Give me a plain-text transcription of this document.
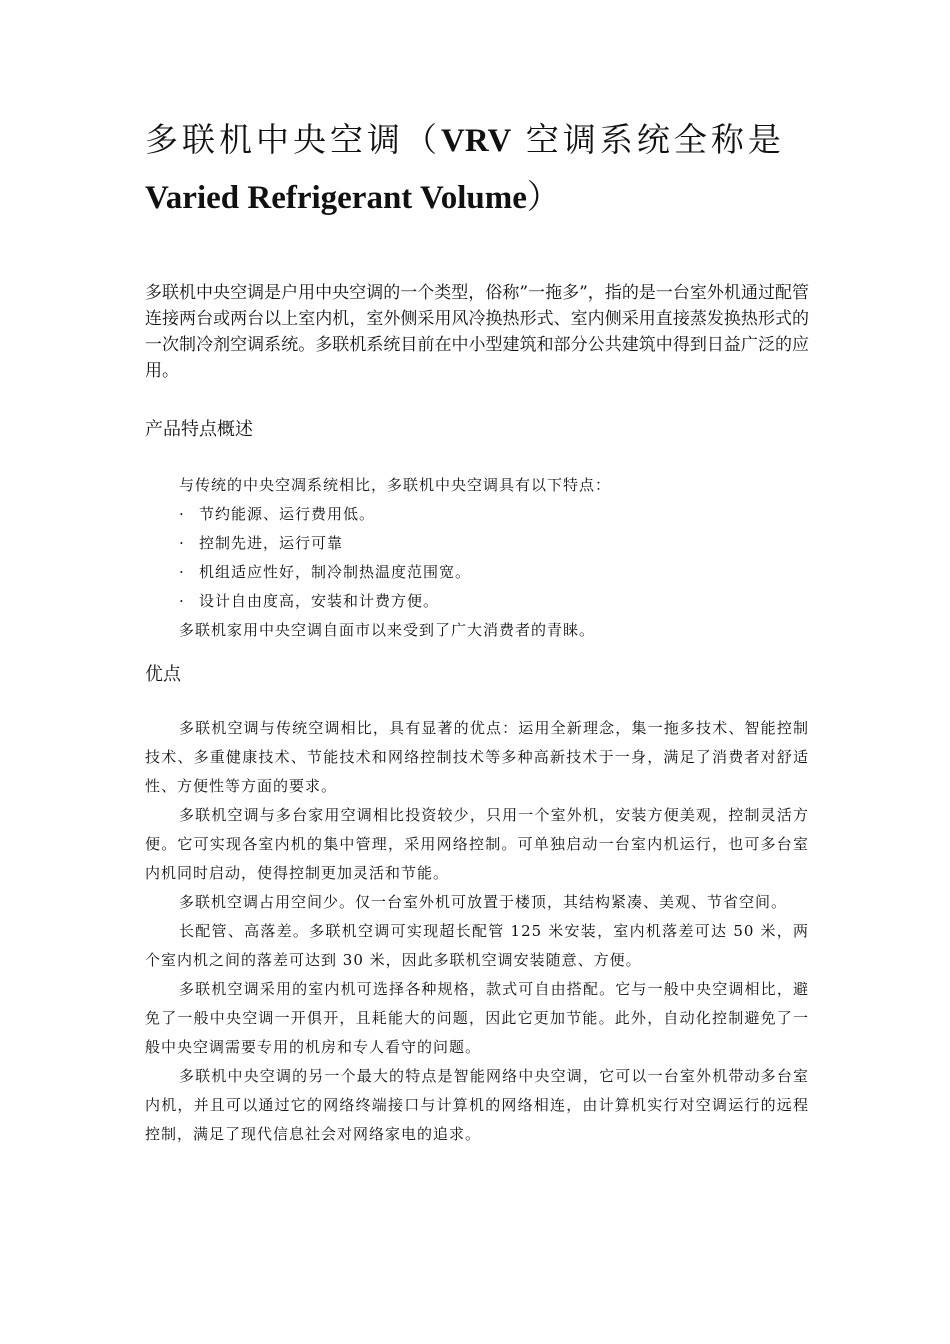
多联机中央空调（VRV 空调系统全称是
Varied Refrigerant Volume）

多联机中央空调是户用中央空调的一个类型，俗称”一拖多”，指的是一台室外机通过配管连接两台或两台以上室内机，室外侧采用风冷换热形式、室内侧采用直接蒸发换热形式的一次制冷剂空调系统。多联机系统目前在中小型建筑和部分公共建筑中得到日益广泛的应用。

产品特点概述

与传统的中央空凋系统相比，多联机中央空调具有以下特点：

· 节约能源、运行费用低。

· 控制先进，运行可靠

· 机组适应性好，制冷制热温度范围宽。

· 设计自由度高，安装和计费方便。

多联机家用中央空调自面市以来受到了广大消费者的青睐。

优点

多联机空调与传统空调相比，具有显著的优点：运用全新理念，集一拖多技术、智能控制技术、多重健康技术、节能技术和网络控制技术等多种高新技术于一身，满足了消费者对舒适性、方便性等方面的要求。

多联机空调与多台家用空调相比投资较少，只用一个室外机，安装方便美观，控制灵活方便。它可实现各室内机的集中管理，采用网络控制。可单独启动一台室内机运行，也可多台室内机同时启动，使得控制更加灵活和节能。

多联机空调占用空间少。仅一台室外机可放置于楼顶，其结构紧凑、美观、节省空间。

长配管、高落差。多联机空调可实现超长配管 125 米安装，室内机落差可达 50 米，两个室内机之间的落差可达到 30 米，因此多联机空调安装随意、方便。

多联机空调采用的室内机可选择各种规格，款式可自由搭配。它与一般中央空调相比，避免了一般中央空调一开俱开，且耗能大的问题，因此它更加节能。此外，自动化控制避免了一般中央空调需要专用的机房和专人看守的问题。

多联机中央空调的另一个最大的特点是智能网络中央空调，它可以一台室外机带动多台室内机，并且可以通过它的网络终端接口与计算机的网络相连，由计算机实行对空调运行的远程控制，满足了现代信息社会对网络家电的追求。
